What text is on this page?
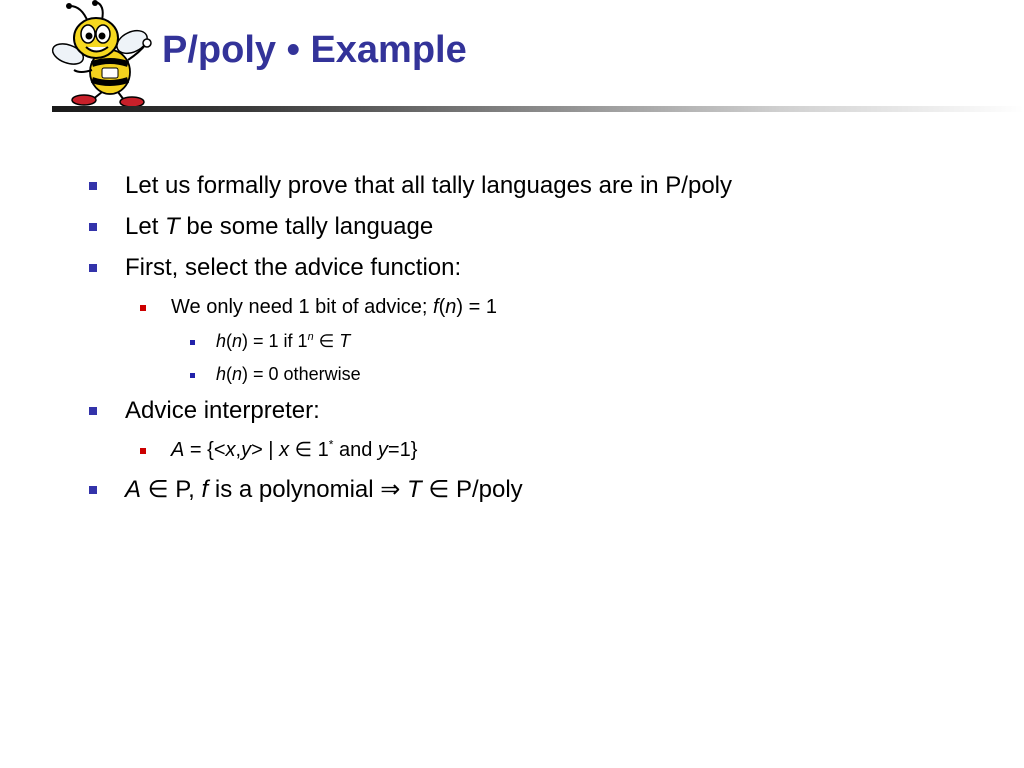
P/poly • Example
Let us formally prove that all tally languages are in P/poly
Let T be some tally language
First, select the advice function:
We only need 1 bit of advice; f(n) = 1
h(n) = 1 if 1$^n$ ∈ T
h(n) = 0 otherwise
Advice interpreter:
A = {<x,y> | x ∈ 1* and y=1}
A ∈ P, f is a polynomial ⇒ T ∈ P/poly
